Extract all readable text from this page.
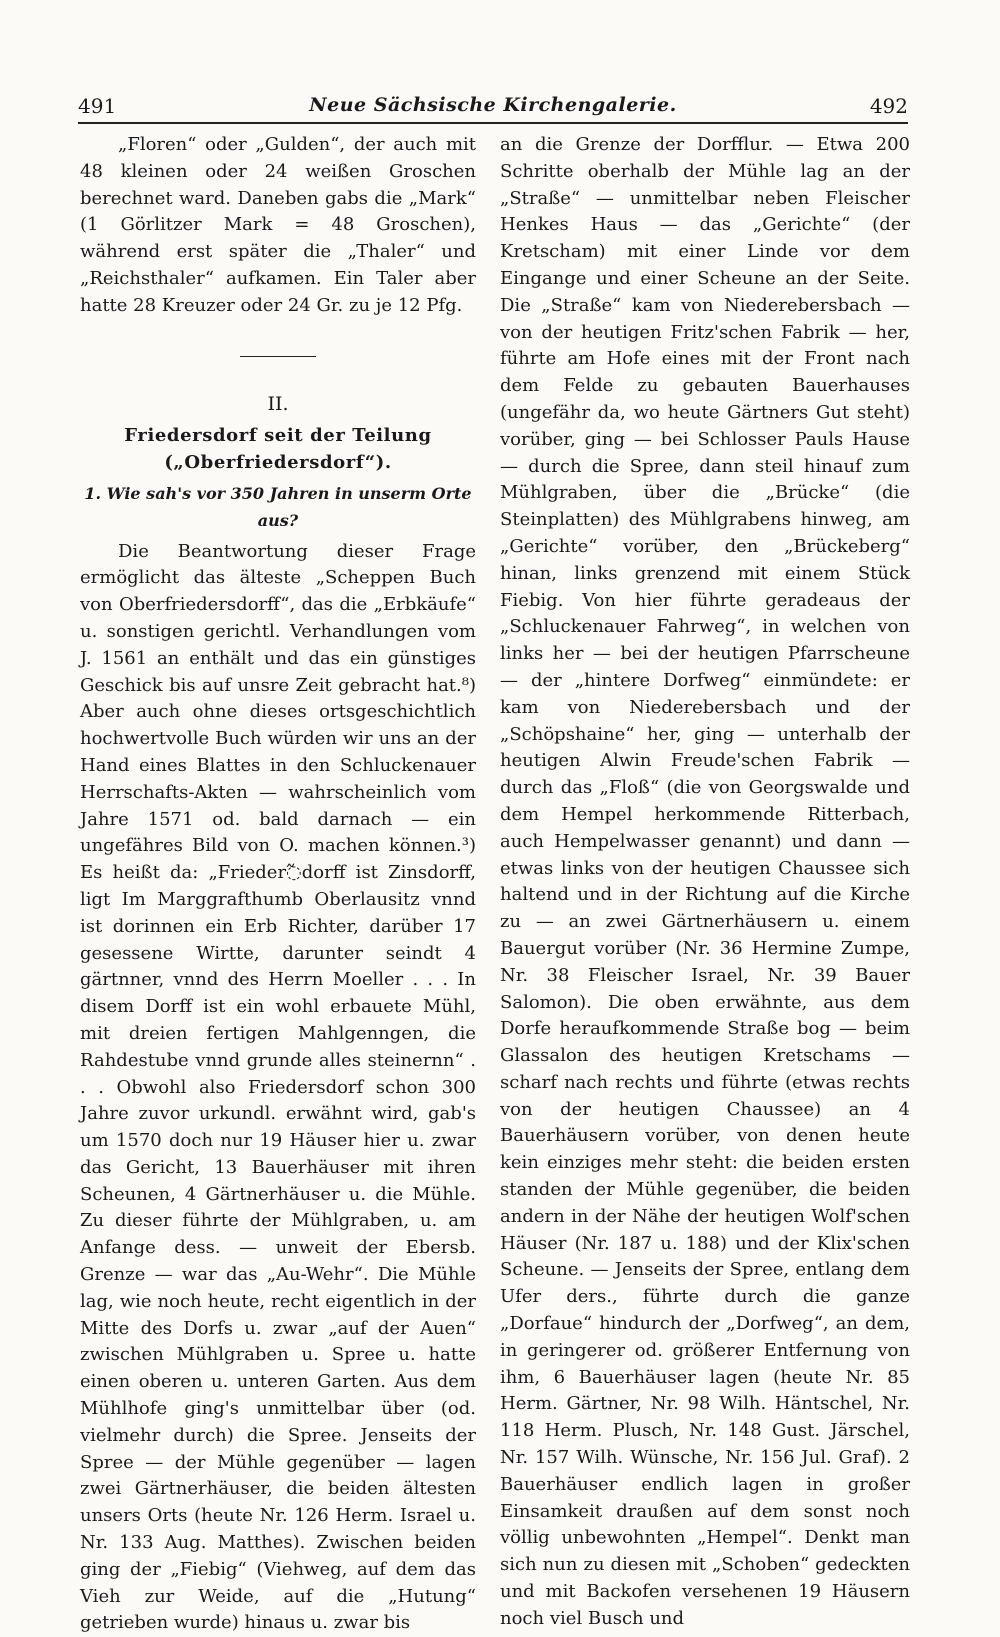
491	Neue Sächsische Kirchengalerie.	492

„Floren“ oder „Gulden“, der auch mit 48 kleinen oder 24 weißen Groschen berechnet ward. Daneben gabs die „Mark“ (1 Görlitzer Mark = 48 Groschen), während erst später die „Thaler“ und „Reichsthaler“ aufkamen. Ein Taler aber hatte 28 Kreuzer oder 24 Gr. zu je 12 Pfg.

II.
Friedersdorf seit der Teilung („Oberfriedersdorf“).
1. Wie sah's vor 350 Jahren in unserm Orte aus?

Die Beantwortung dieser Frage ermöglicht das älteste „Scheppen Buch von Oberfriedersdorff“, das die „Erbkäufe“ u. sonstigen gerichtl. Verhandlungen vom J. 1561 an enthält und das ein günstiges Geschick bis auf unsre Zeit gebracht hat.⁸) Aber auch ohne dieses ortsgeschichtlich hochwertvolle Buch würden wir uns an der Hand eines Blattes in den Schluckenauer Herrschafts-Akten — wahrscheinlich vom Jahre 1571 od. bald darnach — ein ungefähres Bild von O. machen können.³) Es heißt da: „Frieder߬dorff ist Zinsdorff, ligt Im Marggrafthumb Oberlausitz vnnd ist dorinnen ein Erb Richter, darüber 17 gesessene Wirtte, darunter seindt 4 gärtnner, vnnd des Herrn Moeller . . . In disem Dorff ist ein wohl erbauete Mühl, mit dreien fertigen Mahlgenngen, die Rahdestube vnnd grunde alles steinernn“ . . . Obwohl also Friedersdorf schon 300 Jahre zuvor urkundl. erwähnt wird, gab's um 1570 doch nur 19 Häuser hier u. zwar das Gericht, 13 Bauerhäuser mit ihren Scheunen, 4 Gärtnerhäuser u. die Mühle. Zu dieser führte der Mühlgraben, u. am Anfange dess. — unweit der Ebersb. Grenze — war das „Au-Wehr“. Die Mühle lag, wie noch heute, recht eigentlich in der Mitte des Dorfs u. zwar „auf der Auen“ zwischen Mühlgraben u. Spree u. hatte einen oberen u. unteren Garten. Aus dem Mühlhofe ging's unmittelbar über (od. vielmehr durch) die Spree. Jenseits der Spree — der Mühle gegenüber — lagen zwei Gärtnerhäuser, die beiden ältesten unsers Orts (heute Nr. 126 Herm. Israel u. Nr. 133 Aug. Matthes). Zwischen beiden ging der „Fiebig“ (Viehweg, auf dem das Vieh zur Weide, auf die „Hutung“ getrieben wurde) hinaus u. zwar bis

an die Grenze der Dorfflur. — Etwa 200 Schritte oberhalb der Mühle lag an der „Straße“ — unmittelbar neben Fleischer Henkes Haus — das „Gerichte“ (der Kretscham) mit einer Linde vor dem Eingange und einer Scheune an der Seite. Die „Straße“ kam von Niederebersbach — von der heutigen Fritz'schen Fabrik — her, führte am Hofe eines mit der Front nach dem Felde zu gebauten Bauerhauses (ungefähr da, wo heute Gärtners Gut steht) vorüber, ging — bei Schlosser Pauls Hause — durch die Spree, dann steil hinauf zum Mühlgraben, über die „Brücke“ (die Steinplatten) des Mühlgrabens hinweg, am „Gerichte“ vorüber, den „Brückeberg“ hinan, links grenzend mit einem Stück Fiebig. Von hier führte geradeaus der „Schluckenauer Fahrweg“, in welchen von links her — bei der heutigen Pfarrscheune — der „hintere Dorfweg“ einmündete: er kam von Niederebersbach und der „Schöpshaine“ her, ging — unterhalb der heutigen Alwin Freude'schen Fabrik — durch das „Floß“ (die von Georgswalde und dem Hempel herkommende Ritterbach, auch Hempelwasser genannt) und dann — etwas links von der heutigen Chaussee sich haltend und in der Richtung auf die Kirche zu — an zwei Gärtnerhäusern u. einem Bauergut vorüber (Nr. 36 Hermine Zumpe, Nr. 38 Fleischer Israel, Nr. 39 Bauer Salomon). Die oben erwähnte, aus dem Dorfe heraufkommende Straße bog — beim Glassalon des heutigen Kretschams — scharf nach rechts und führte (etwas rechts von der heutigen Chaussee) an 4 Bauerhäusern vorüber, von denen heute kein einziges mehr steht: die beiden ersten standen der Mühle gegenüber, die beiden andern in der Nähe der heutigen Wolf'schen Häuser (Nr. 187 u. 188) und der Klix'schen Scheune. — Jenseits der Spree, entlang dem Ufer ders., führte durch die ganze „Dorfaue“ hindurch der „Dorfweg“, an dem, in geringerer od. größerer Entfernung von ihm, 6 Bauerhäuser lagen (heute Nr. 85 Herm. Gärtner, Nr. 98 Wilh. Häntschel, Nr. 118 Herm. Plusch, Nr. 148 Gust. Järschel, Nr. 157 Wilh. Wünsche, Nr. 156 Jul. Graf). 2 Bauerhäuser endlich lagen in großer Einsamkeit draußen auf dem sonst noch völlig unbewohnten „Hempel“. Denkt man sich nun zu diesen mit „Schoben“ gedeckten und mit Backofen versehenen 19 Häusern noch viel Busch und
